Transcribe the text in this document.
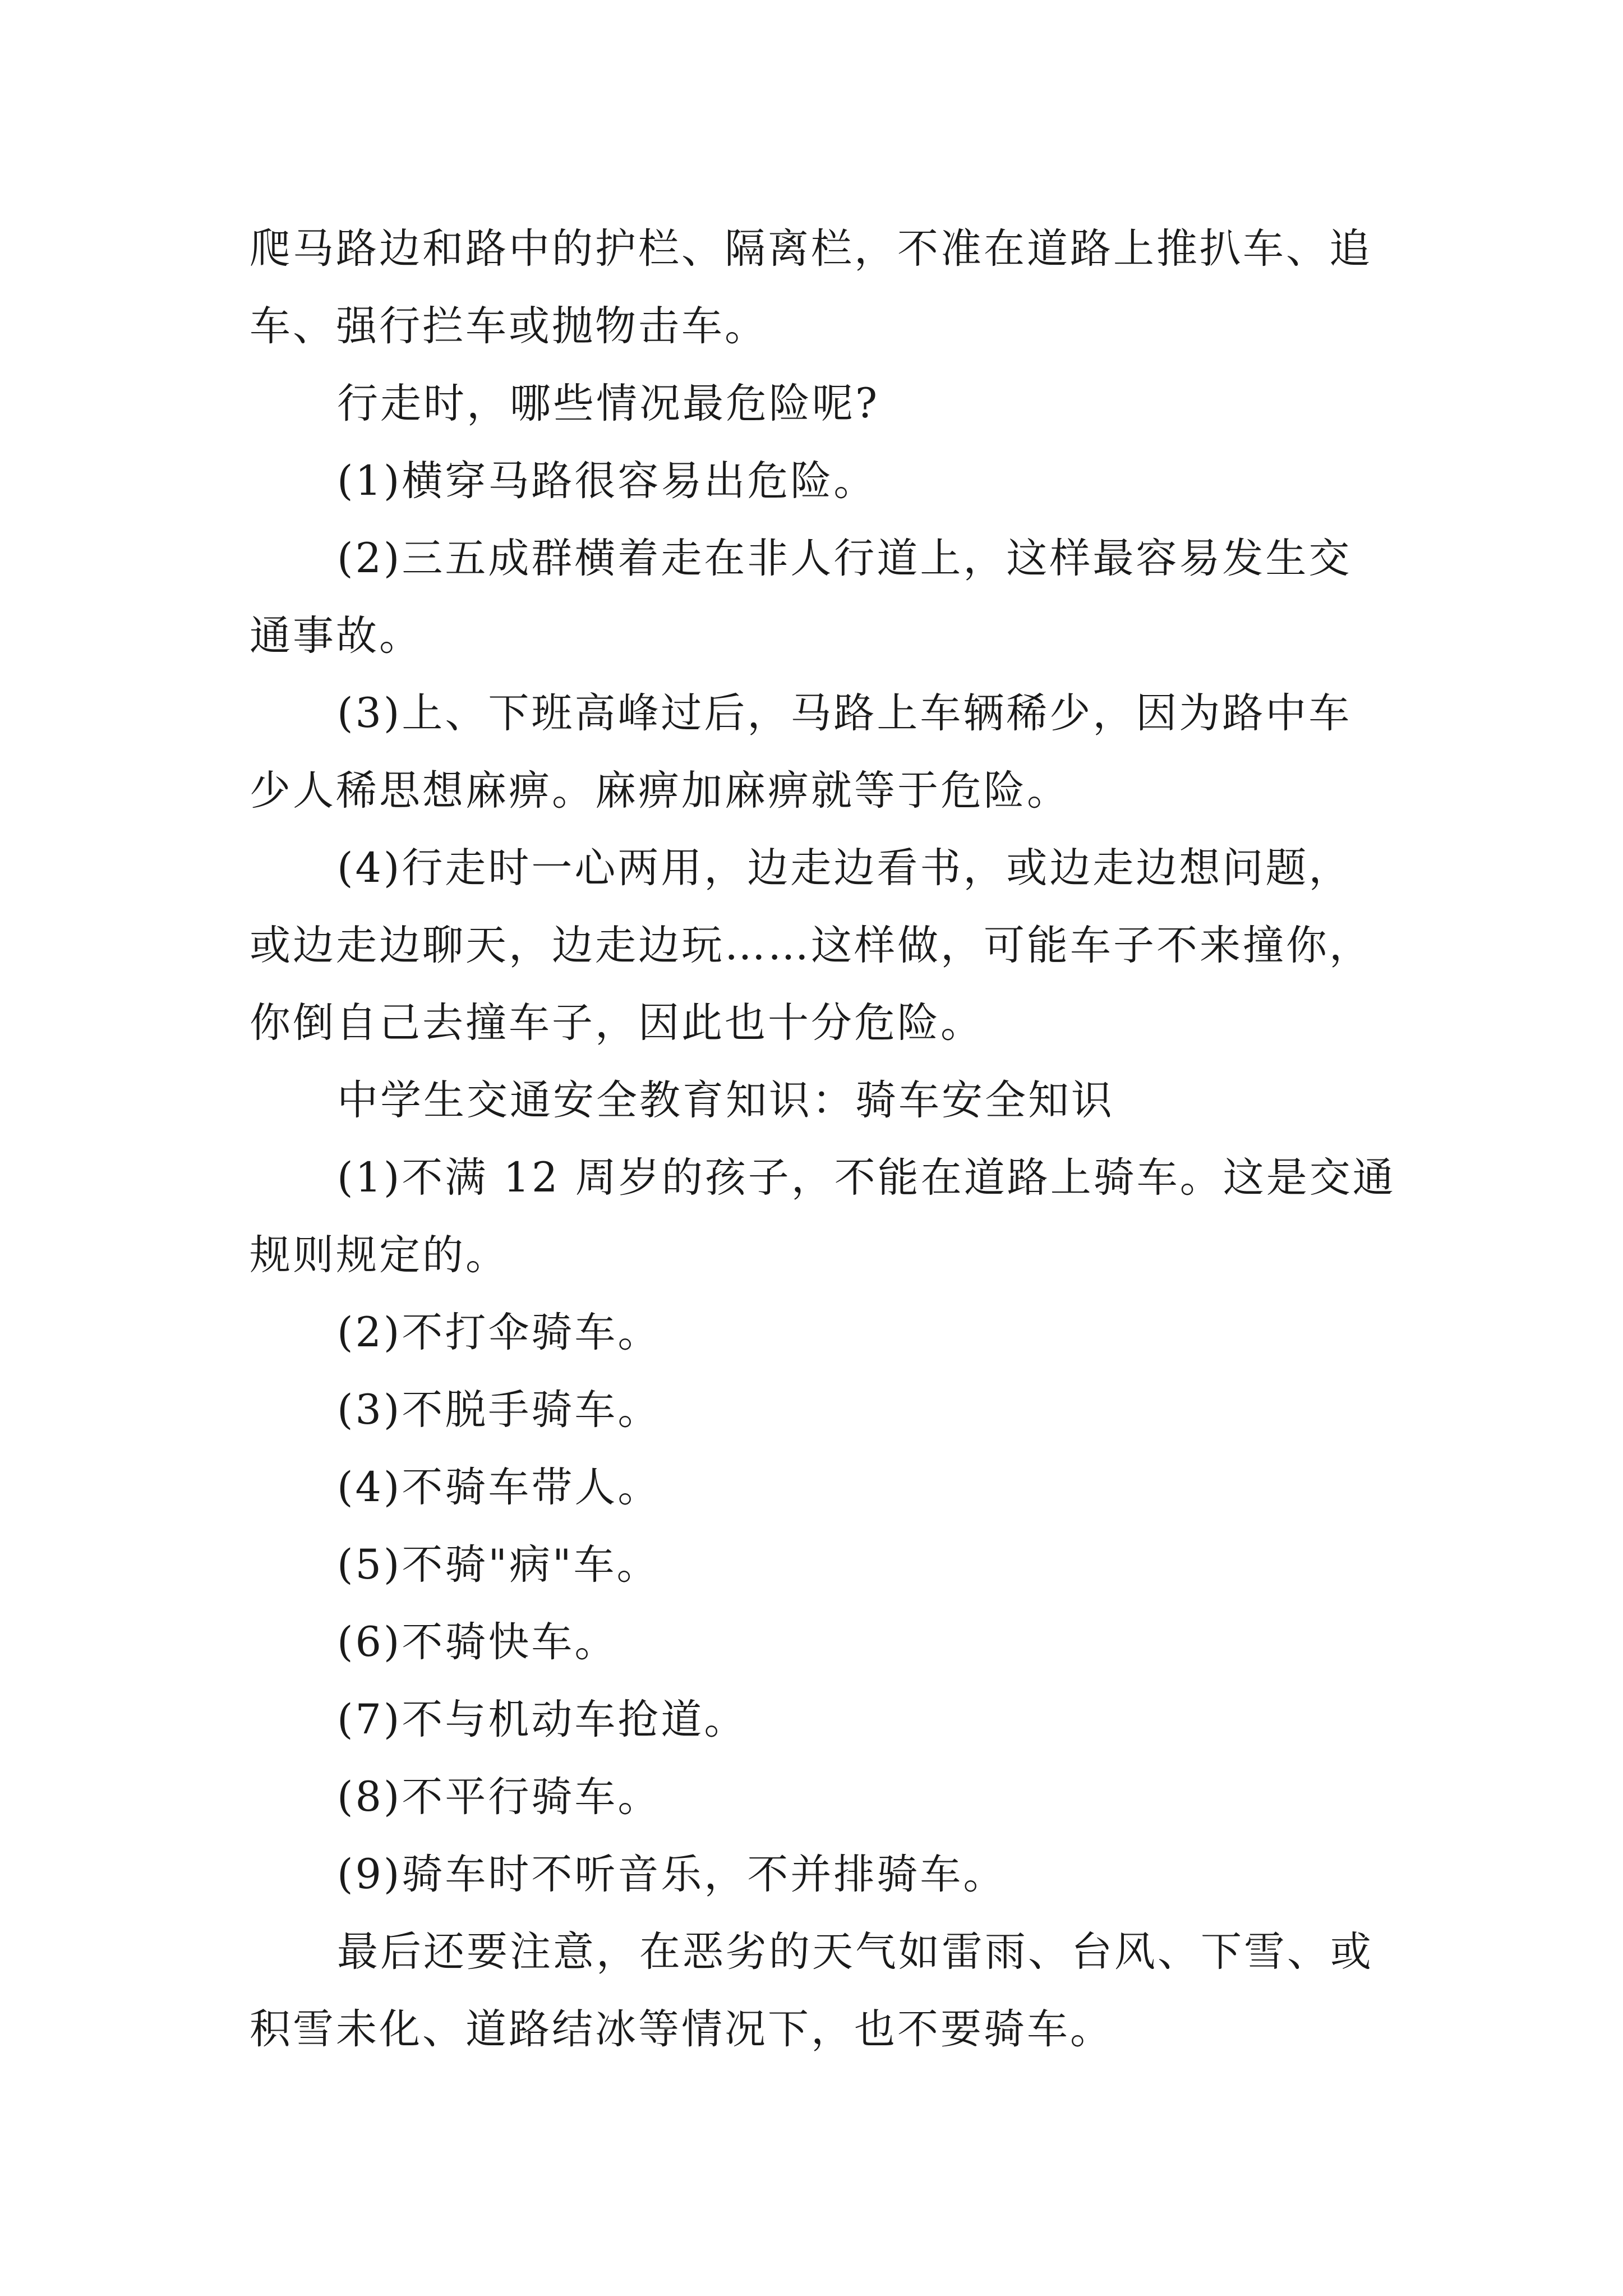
爬马路边和路中的护栏、隔离栏，不准在道路上推扒车、追

车、强行拦车或抛物击车。

行走时，哪些情况最危险呢?

(1)横穿马路很容易出危险。

(2)三五成群横着走在非人行道上，这样最容易发生交

通事故。

(3)上、下班高峰过后，马路上车辆稀少，因为路中车

少人稀思想麻痹。麻痹加麻痹就等于危险。

(4)行走时一心两用，边走边看书，或边走边想问题，

或边走边聊天，边走边玩……这样做，可能车子不来撞你，

你倒自己去撞车子，因此也十分危险。

中学生交通安全教育知识：骑车安全知识

(1)不满 12 周岁的孩子，不能在道路上骑车。这是交通

规则规定的。

(2)不打伞骑车。

(3)不脱手骑车。

(4)不骑车带人。

(5)不骑"病"车。

(6)不骑快车。

(7)不与机动车抢道。

(8)不平行骑车。

(9)骑车时不听音乐，不并排骑车。

最后还要注意，在恶劣的天气如雷雨、台风、下雪、或

积雪未化、道路结冰等情况下，也不要骑车。
